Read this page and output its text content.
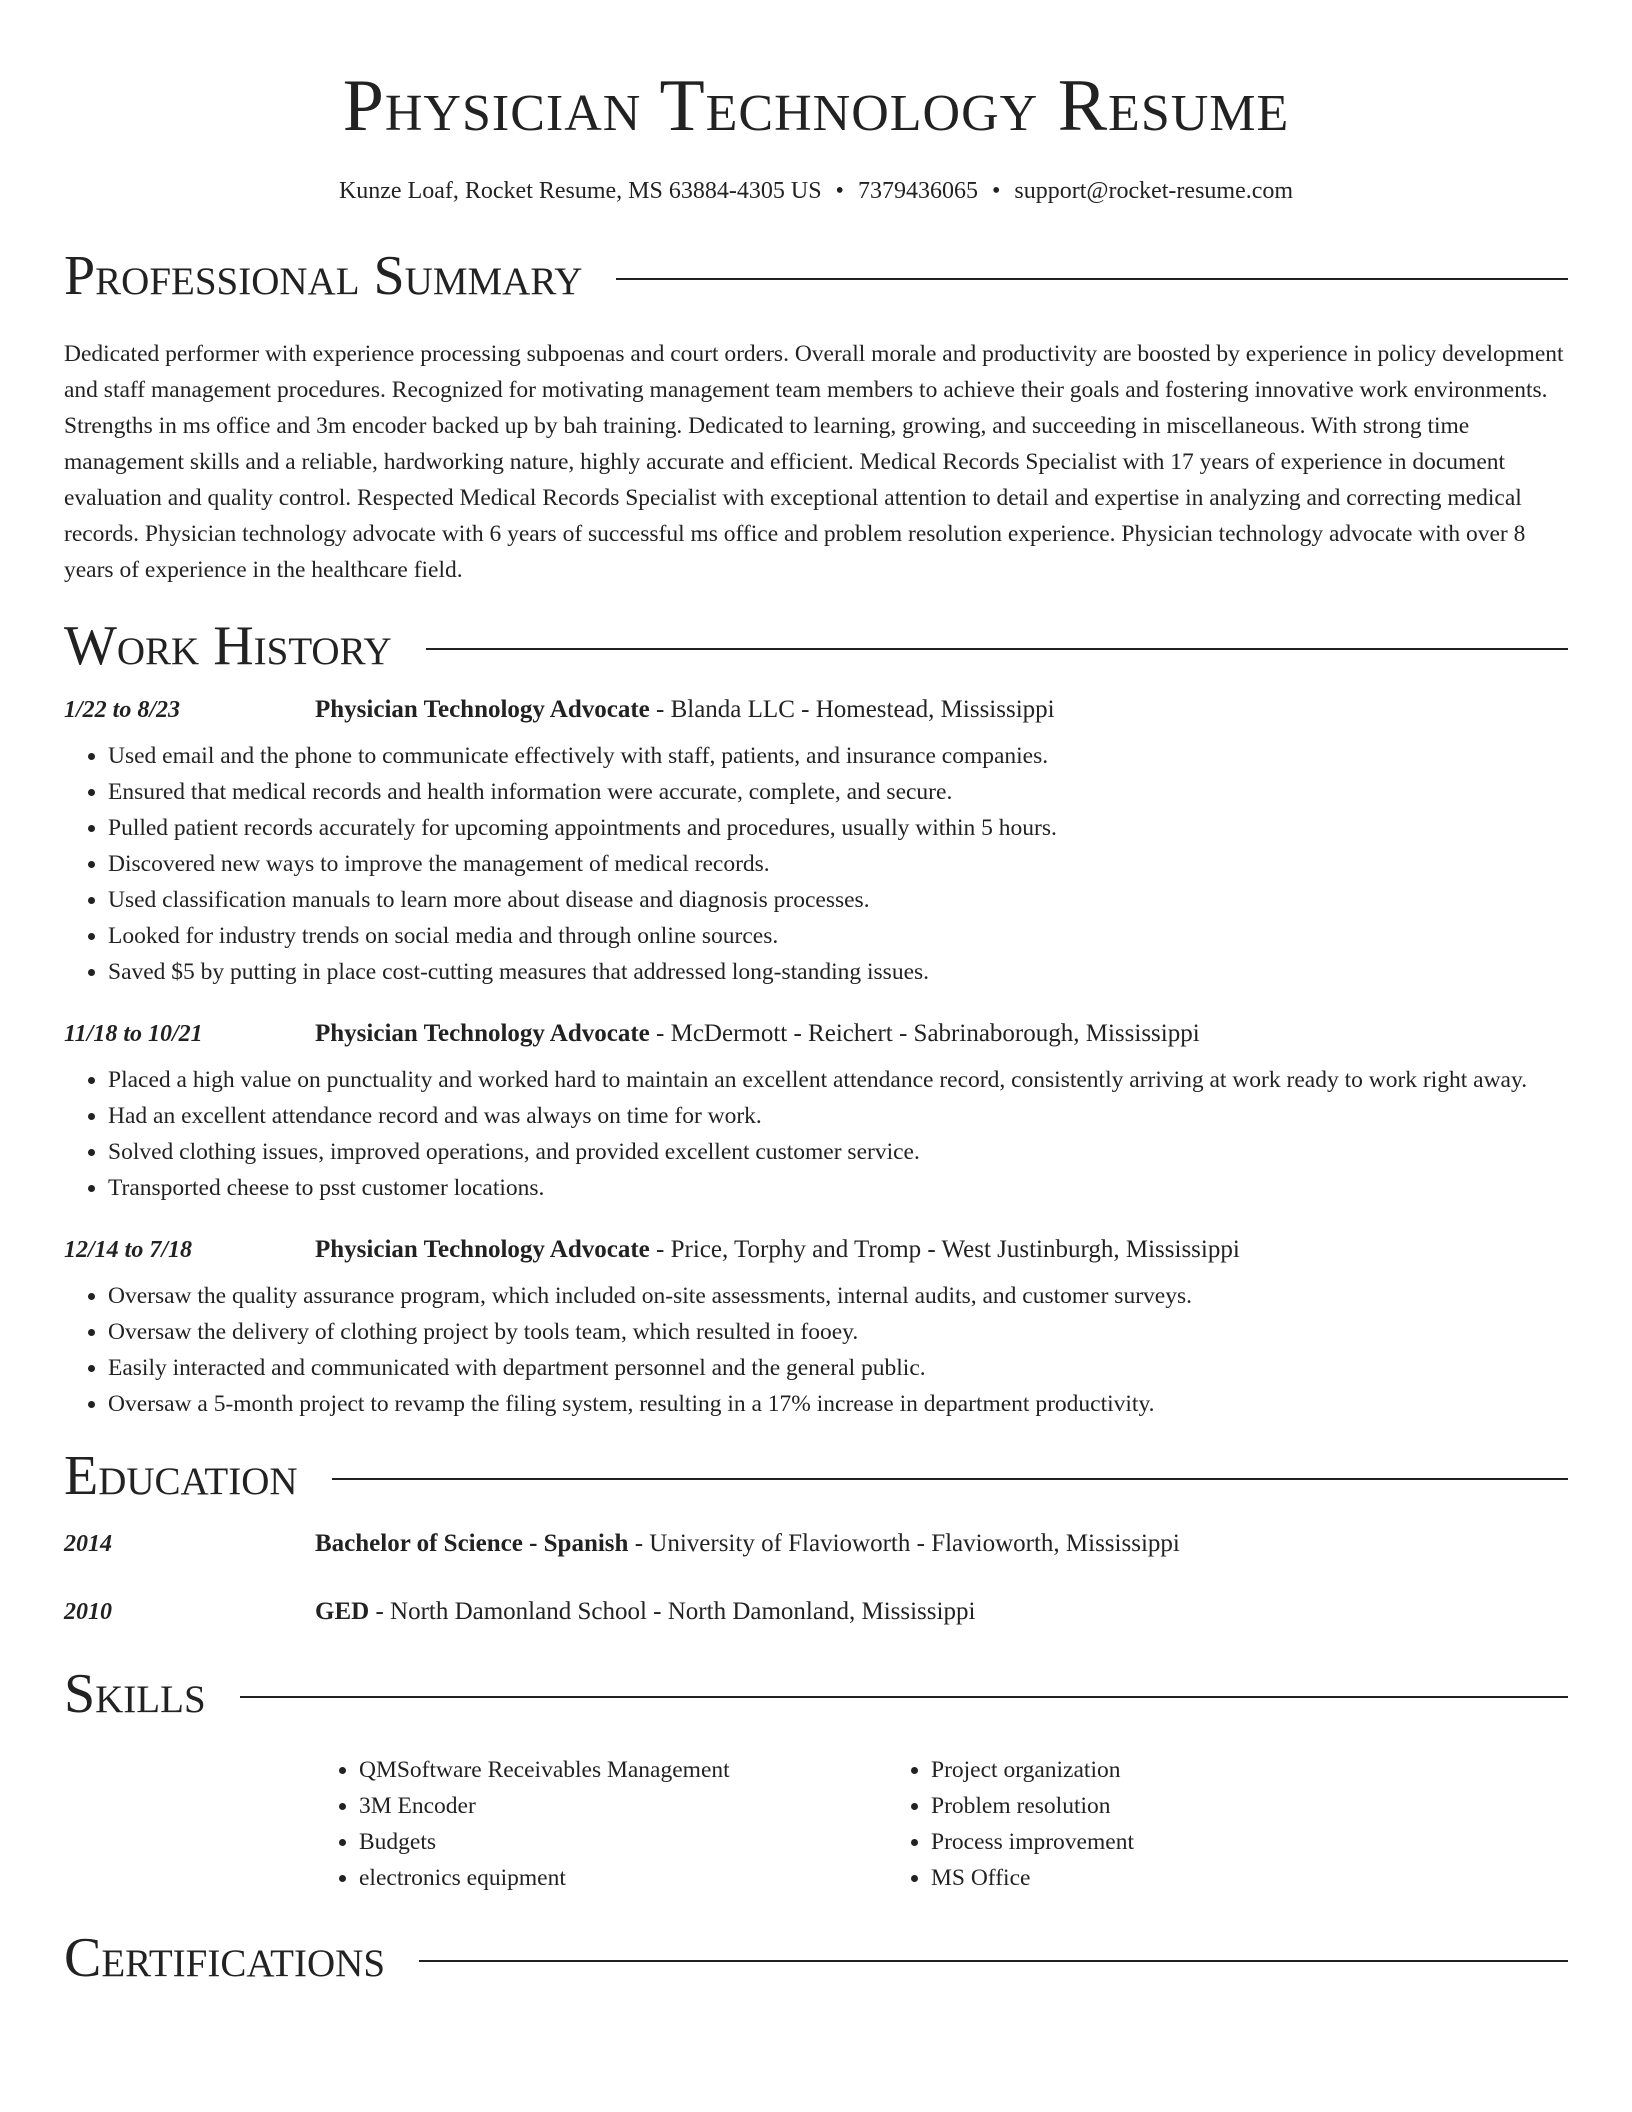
Physician Technology Resume
Kunze Loaf, Rocket Resume, MS 63884-4305 US • 7379436065 • support@rocket-resume.com
Professional Summary

Dedicated performer with experience processing subpoenas and court orders. Overall morale and productivity are boosted by experience in policy development and staff management procedures. Recognized for motivating management team members to achieve their goals and fostering innovative work environments. Strengths in ms office and 3m encoder backed up by bah training. Dedicated to learning, growing, and succeeding in miscellaneous. With strong time management skills and a reliable, hardworking nature, highly accurate and efficient. Medical Records Specialist with 17 years of experience in document evaluation and quality control. Respected Medical Records Specialist with exceptional attention to detail and expertise in analyzing and correcting medical records. Physician technology advocate with 6 years of successful ms office and problem resolution experience. Physician technology advocate with over 8 years of experience in the healthcare field.

Work History
1/22 to 8/23	Physician Technology Advocate - Blanda LLC - Homestead, Mississippi
• Used email and the phone to communicate effectively with staff, patients, and insurance companies.
• Ensured that medical records and health information were accurate, complete, and secure.
• Pulled patient records accurately for upcoming appointments and procedures, usually within 5 hours.
• Discovered new ways to improve the management of medical records.
• Used classification manuals to learn more about disease and diagnosis processes.
• Looked for industry trends on social media and through online sources.
• Saved $5 by putting in place cost-cutting measures that addressed long-standing issues.
11/18 to 10/21	Physician Technology Advocate - McDermott - Reichert - Sabrinaborough, Mississippi
• Placed a high value on punctuality and worked hard to maintain an excellent attendance record, consistently arriving at work ready to work right away.
• Had an excellent attendance record and was always on time for work.
• Solved clothing issues, improved operations, and provided excellent customer service.
• Transported cheese to psst customer locations.
12/14 to 7/18	Physician Technology Advocate - Price, Torphy and Tromp - West Justinburgh, Mississippi
• Oversaw the quality assurance program, which included on-site assessments, internal audits, and customer surveys.
• Oversaw the delivery of clothing project by tools team, which resulted in fooey.
• Easily interacted and communicated with department personnel and the general public.
• Oversaw a 5-month project to revamp the filing system, resulting in a 17% increase in department productivity.
Education
2014	Bachelor of Science - Spanish - University of Flavioworth - Flavioworth, Mississippi
2010	GED - North Damonland School - North Damonland, Mississippi
Skills
• QMSoftware Receivables Management
• 3M Encoder
• Budgets
• electronics equipment
• Project organization
• Problem resolution
• Process improvement
• MS Office
Certifications
